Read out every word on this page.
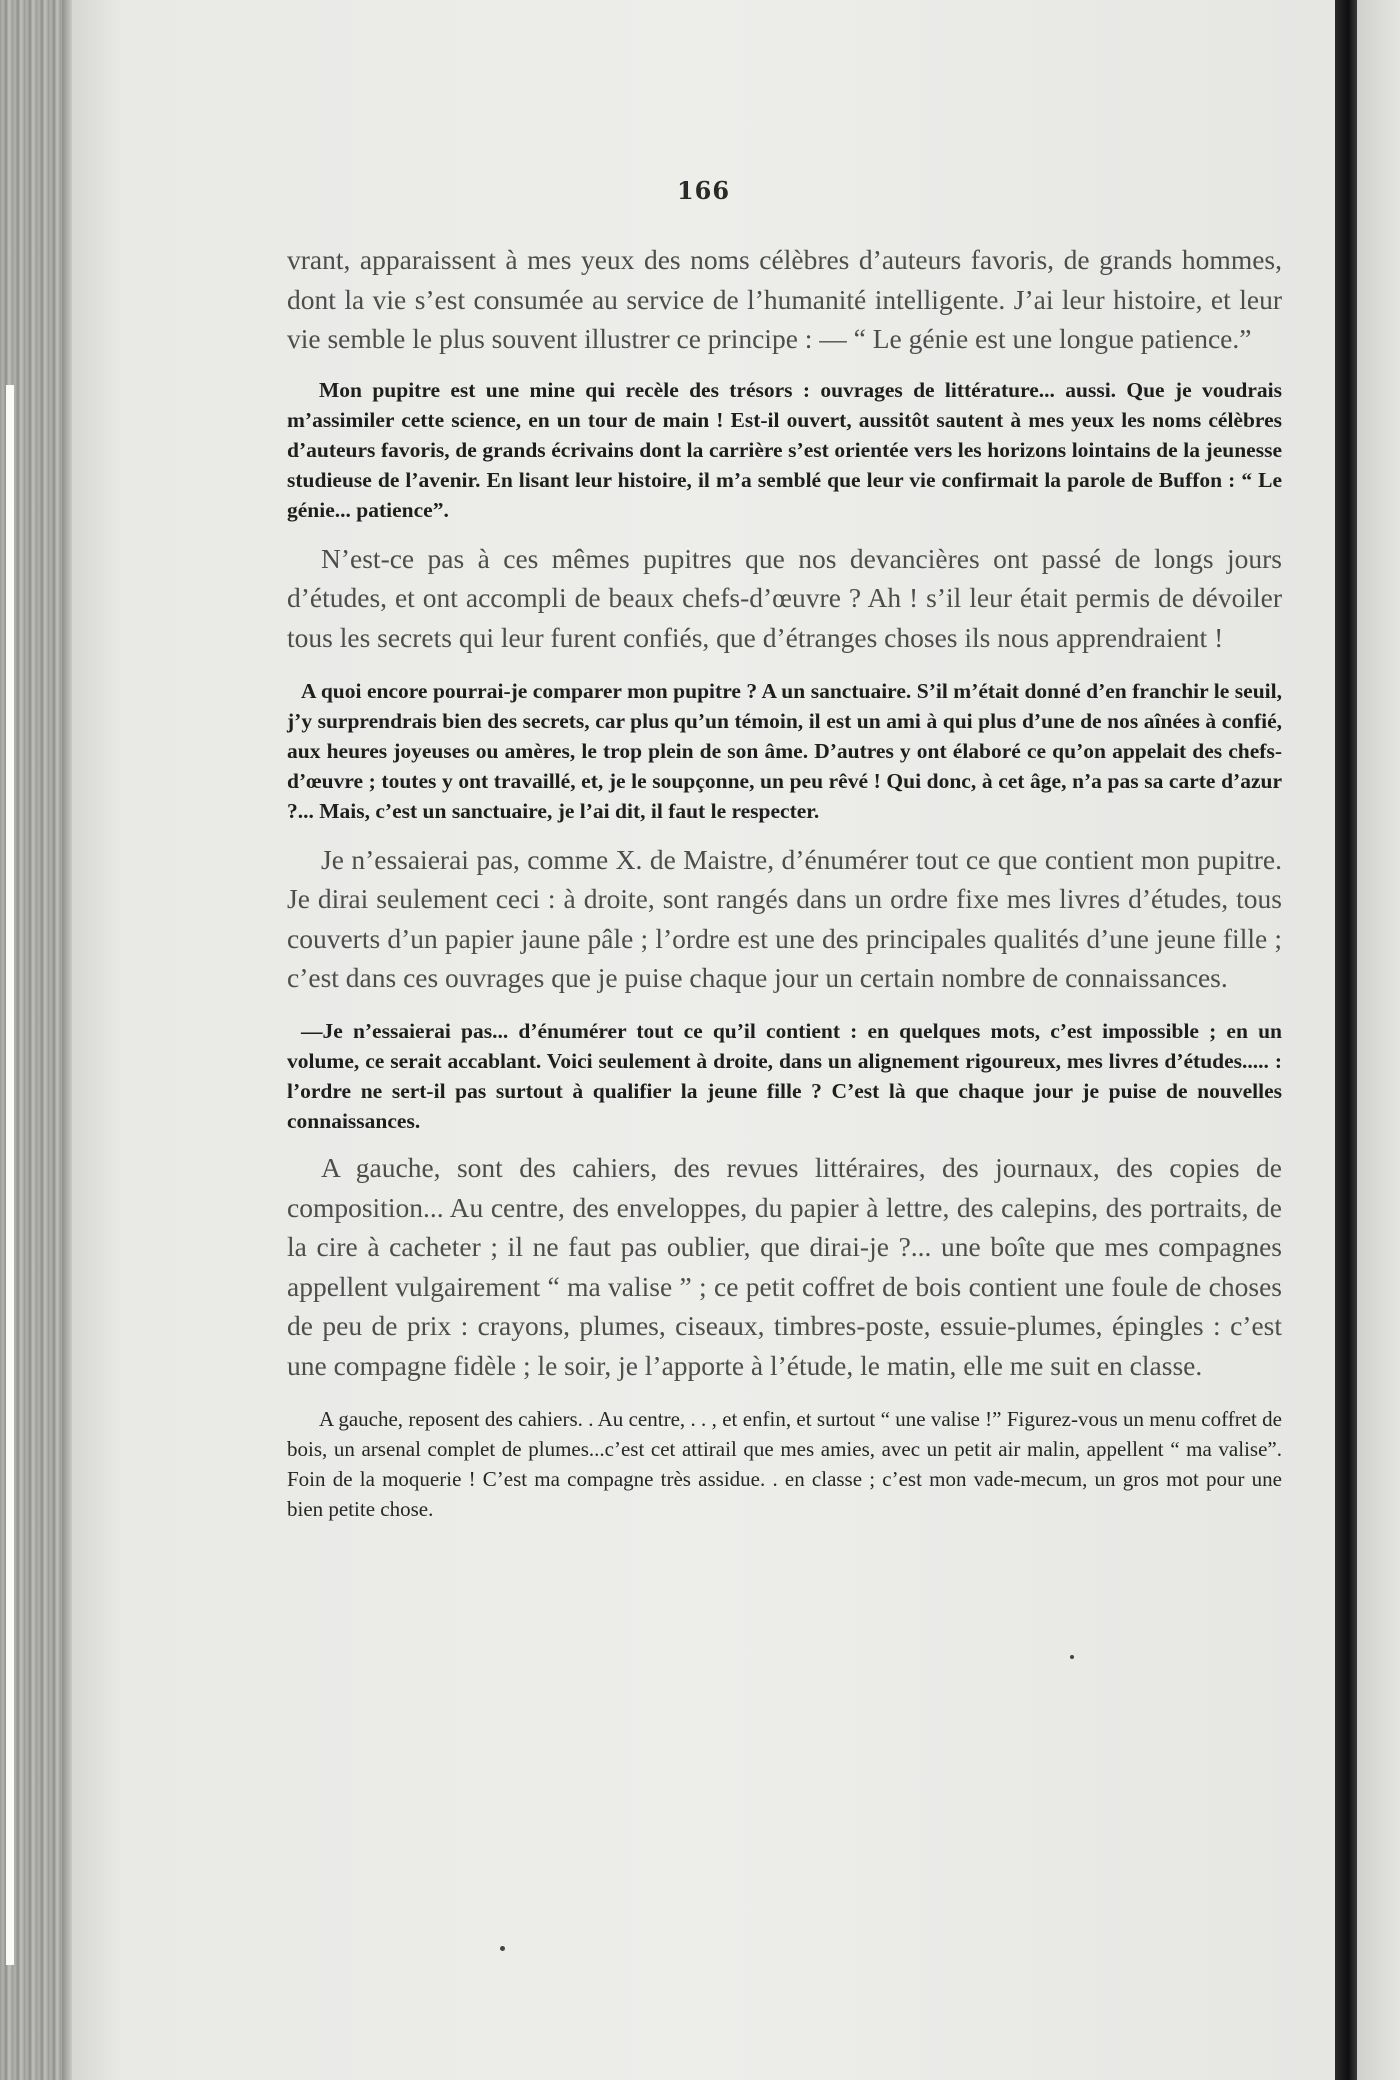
166

vrant, apparaissent à mes yeux des noms célèbres d’auteurs favoris, de grands hommes, dont la vie s’est consumée au service de l’humanité intelligente. J’ai leur histoire, et leur vie semble le plus souvent illustrer ce principe : — “ Le génie est une longue patience.”

Mon pupitre est une mine qui recèle des trésors : ouvrages de littérature... aussi. Que je voudrais m’assimiler cette science, en un tour de main ! Est-il ouvert, aussitôt sautent à mes yeux les noms célèbres d’auteurs favoris, de grands écrivains dont la carrière s’est orientée vers les horizons lointains de la jeunesse studieuse de l’avenir. En lisant leur histoire, il m’a semblé que leur vie confirmait la parole de Buffon : “ Le génie... patience”.

N’est-ce pas à ces mêmes pupitres que nos devancières ont passé de longs jours d’études, et ont accompli de beaux chefs-d’œuvre ? Ah ! s’il leur était permis de dévoiler tous les secrets qui leur furent confiés, que d’étranges choses ils nous apprendraient !

A quoi encore pourrai-je comparer mon pupitre ? A un sanctuaire. S’il m’était donné d’en franchir le seuil, j’y surprendrais bien des secrets, car plus qu’un témoin, il est un ami à qui plus d’une de nos aînées à confié, aux heures joyeuses ou amères, le trop plein de son âme. D’autres y ont élaboré ce qu’on appelait des chefs-d’œuvre ; toutes y ont travaillé, et, je le soupçonne, un peu rêvé ! Qui donc, à cet âge, n’a pas sa carte d’azur ?... Mais, c’est un sanctuaire, je l’ai dit, il faut le respecter.

Je n’essaierai pas, comme X. de Maistre, d’énumérer tout ce que contient mon pupitre. Je dirai seulement ceci : à droite, sont rangés dans un ordre fixe mes livres d’études, tous couverts d’un papier jaune pâle ; l’ordre est une des principales qualités d’une jeune fille ; c’est dans ces ouvrages que je puise chaque jour un certain nombre de connaissances.

—Je n’essaierai pas... d’énumérer tout ce qu’il contient : en quelques mots, c’est impossible ; en un volume, ce serait accablant. Voici seulement à droite, dans un alignement rigoureux, mes livres d’études..... : l’ordre ne sert-il pas surtout à qualifier la jeune fille ? C’est là que chaque jour je puise de nouvelles connaissances.

A gauche, sont des cahiers, des revues littéraires, des journaux, des copies de composition... Au centre, des enveloppes, du papier à lettre, des calepins, des portraits, de la cire à cacheter ; il ne faut pas oublier, que dirai-je ?... une boîte que mes compagnes appellent vulgairement “ ma valise ” ; ce petit coffret de bois contient une foule de choses de peu de prix : crayons, plumes, ciseaux, timbres-poste, essuie-plumes, épingles : c’est une compagne fidèle ; le soir, je l’apporte à l’étude, le matin, elle me suit en classe.

A gauche, reposent des cahiers. . Au centre, . . , et enfin, et surtout “ une valise !” Figurez-vous un menu coffret de bois, un arsenal complet de plumes...c’est cet attirail que mes amies, avec un petit air malin, appellent “ ma valise”. Foin de la moquerie ! C’est ma compagne très assidue. . en classe ; c’est mon vade-mecum, un gros mot pour une bien petite chose.
